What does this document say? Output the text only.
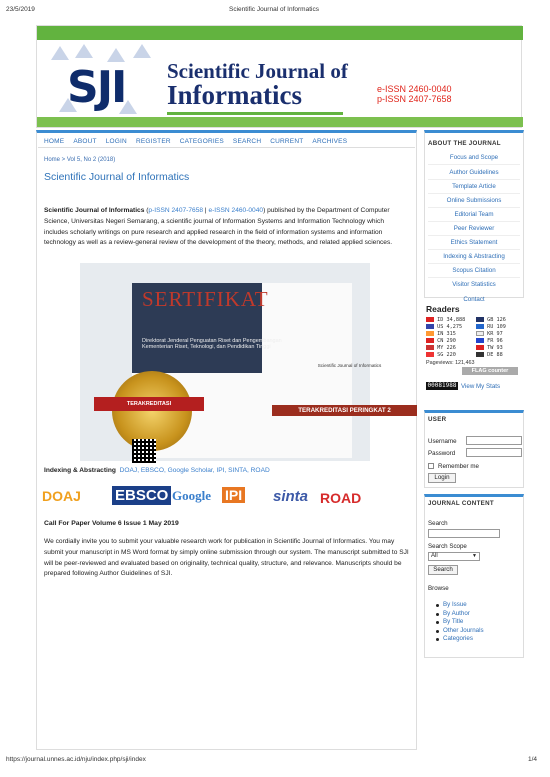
23/5/2019	Scientific Journal of Informatics
https://journal.unnes.ac.id/nju/index.php/sji/index	1/4
SJI Scientific Journal of
Informatics	e-ISSN 2460-0040
p-ISSN 2407-7658
HOME ABOUT LOGIN REGISTER CATEGORIES SEARCH CURRENT ARCHIVES
Home > Vol 5, No 2 (2018)
Scientific Journal of Informatics
Scientific Journal of Informatics (p-ISSN 2407-7658 | e-ISSN 2460-0040) published by the Department of Computer Science, Universitas Negeri Semarang, a scientific journal of Information Systems and Information Technology which includes scholarly writings on pure research and applied research in the field of information systems and information technology as well as a review-general review of the development of the theory, methods, and related applied sciences.
SERTIFIKAT
Direktorat Jenderal Penguatan Riset dan Pengembangan Kementerian Riset, Teknologi, dan Pendidikan Tinggi
Scientific Journal of Informatics
TERAKREDITASI PERINGKAT 2
TERAKREDITASI
Indexing & Abstracting DOAJ, EBSCO, Google Scholar, IPI, SINTA, ROAD
DOAJ EBSCO Google IPI sinta ROAD
Call For Paper Volume 6 Issue 1 May 2019
We cordially invite you to submit your valuable research work for publication in Scientific Journal of Informatics. You may submit your manuscript in MS Word format by simply online submission through our system. The manuscript submitted to SJI will be peer-reviewed and evaluated based on originality, technical quality, structure, and relevance. Manuscripts should be prepared following Author Guidelines of SJI.
ABOUT THE JOURNAL
Focus and Scope
Author Guidelines
Template Article
Online Submissions
Editorial Team
Peer Reviewer
Ethics Statement
Indexing & Abstracting
Scopus Citation
Visitor Statistics
Contact
Readers
ID 34,888	GB 126
US 4,275	RU 109
IN 315	KR 97
CN 290	FR 96
MY 226	TW 93
SG 220	DE 88
Pageviews: 121,463
FLAG counter
00081988 View My Stats
USER
Username
Password
Remember me
Login
JOURNAL CONTENT
Search
Search Scope
All	▼
Search
Browse
By Issue
By Author
By Title
Other Journals
Categories
